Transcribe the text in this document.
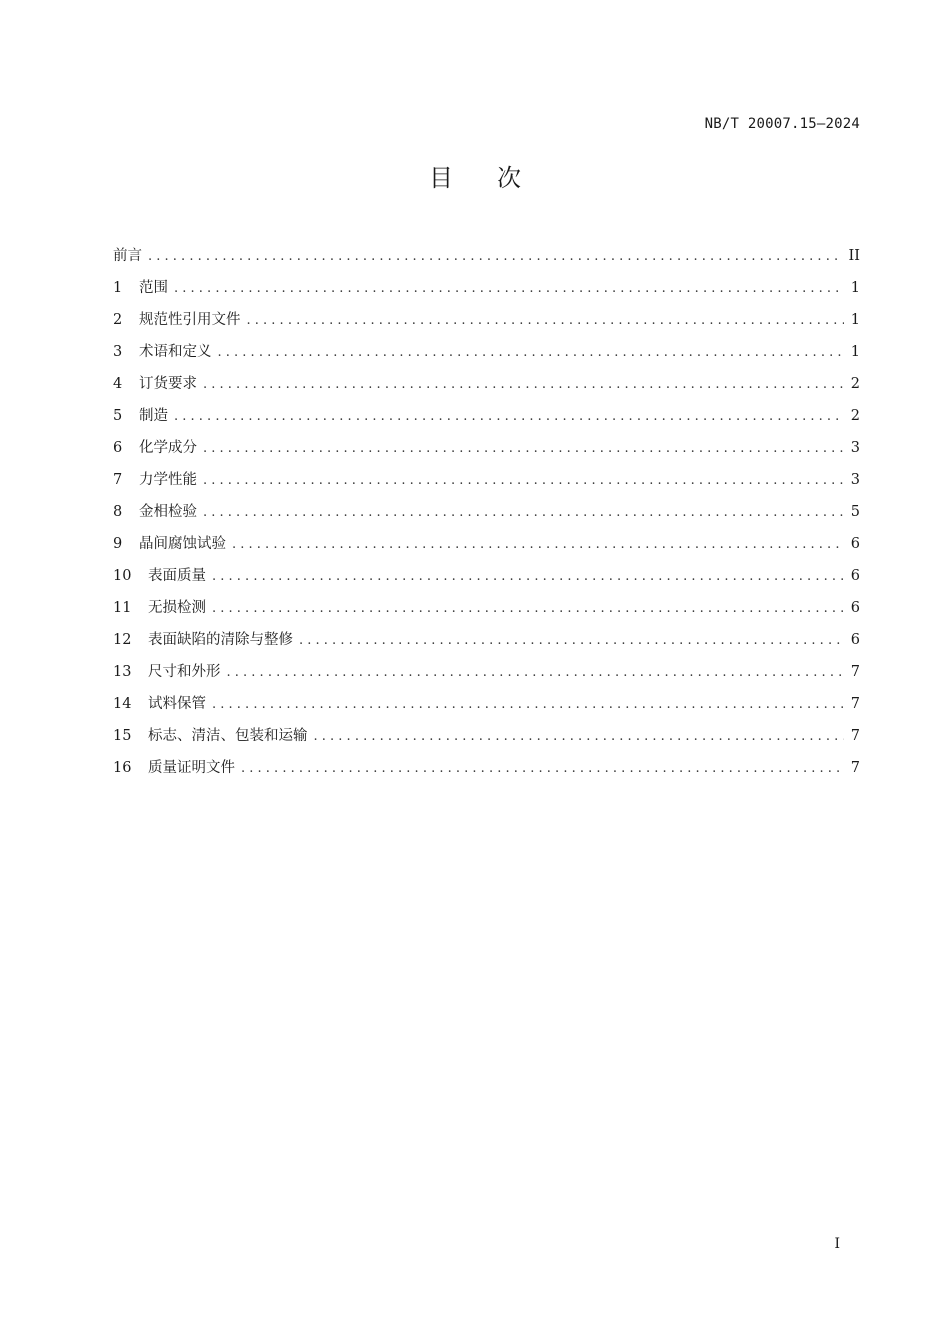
NB/T 20007.15—2024
目次
前言 . . .	II
1	范围 . . .	1
2	规范性引用文件 . . .	1
3	术语和定义 . . .	1
4	订货要求 . . .	2
5	制造 . . .	2
6	化学成分 . . .	3
7	力学性能 . . .	3
8	金相检验 . . .	5
9	晶间腐蚀试验 . . .	6
10	表面质量 . . .	6
11	无损检测 . . .	6
12	表面缺陷的清除与整修 . . .	6
13	尺寸和外形 . . .	7
14	试料保管 . . .	7
15	标志、清洁、包装和运输 . . .	7
16	质量证明文件 . . .	7
I
